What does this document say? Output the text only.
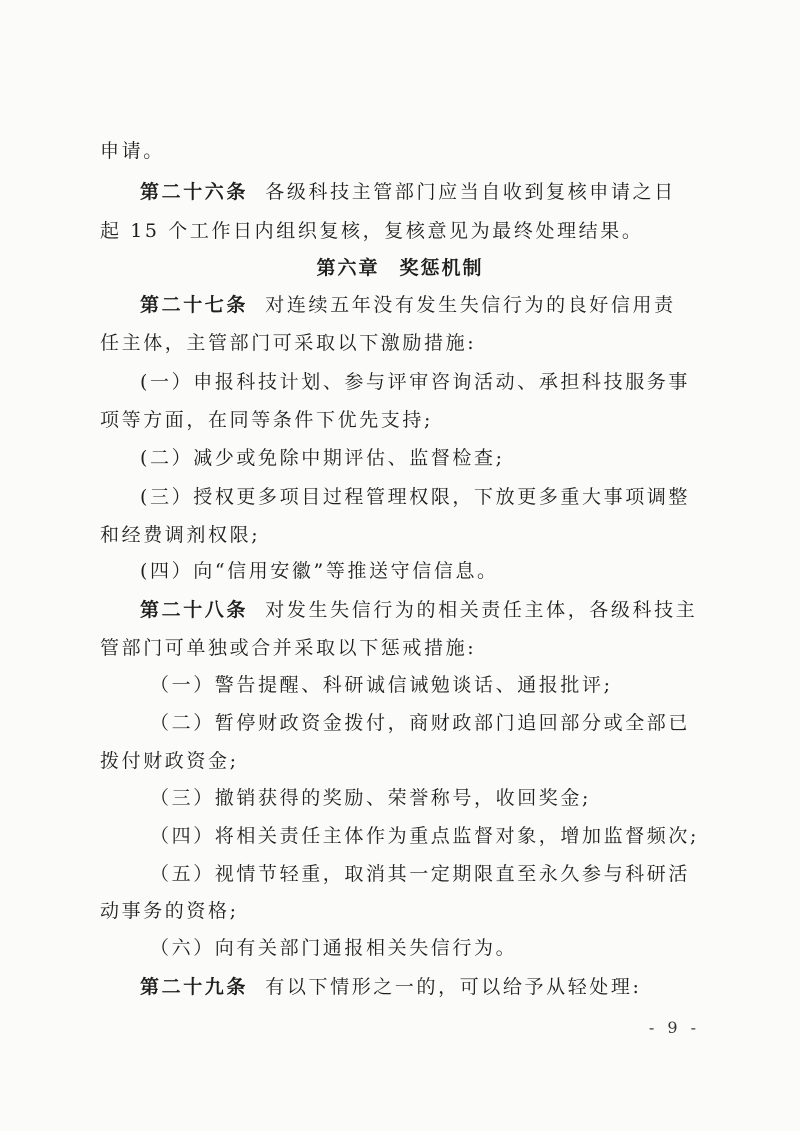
申请。
第二十六条 各级科技主管部门应当自收到复核申请之日
起 15 个工作日内组织复核，复核意见为最终处理结果。
第六章 奖惩机制
第二十七条 对连续五年没有发生失信行为的良好信用责
任主体，主管部门可采取以下激励措施:
(一）申报科技计划、参与评审咨询活动、承担科技服务事
项等方面，在同等条件下优先支持;
(二）减少或免除中期评估、监督检查;
(三）授权更多项目过程管理权限，下放更多重大事项调整
和经费调剂权限;
(四）向“信用安徽”等推送守信信息。
第二十八条 对发生失信行为的相关责任主体，各级科技主
管部门可单独或合并采取以下惩戒措施:
（一）警告提醒、科研诚信诫勉谈话、通报批评;
（二）暂停财政资金拨付，商财政部门追回部分或全部已
拨付财政资金;
（三）撤销获得的奖励、荣誉称号，收回奖金;
（四）将相关责任主体作为重点监督对象，增加监督频次;
（五）视情节轻重，取消其一定期限直至永久参与科研活
动事务的资格;
（六）向有关部门通报相关失信行为。
第二十九条 有以下情形之一的，可以给予从轻处理:
- 9 -
